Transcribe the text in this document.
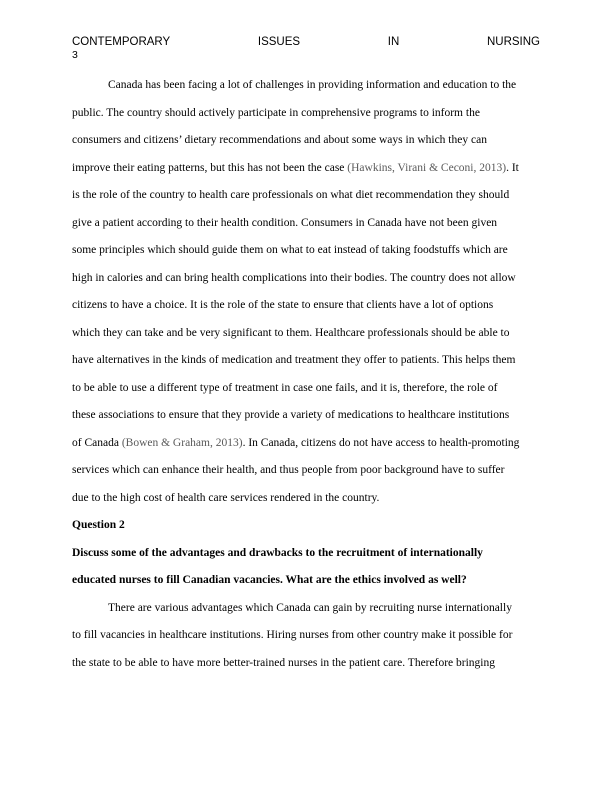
CONTEMPORARY	ISSUES	IN	NURSING
3
Canada has been facing a lot of challenges in providing information and education to the
public. The country should actively participate in comprehensive programs to inform the
consumers and citizens’ dietary recommendations and about some ways in which they can
improve their eating patterns, but this has not been the case (Hawkins, Virani & Ceconi, 2013). It
is the role of the country to health care professionals on what diet recommendation they should
give a patient according to their health condition. Consumers in Canada have not been given
some principles which should guide them on what to eat instead of taking foodstuffs which are
high in calories and can bring health complications into their bodies. The country does not allow
citizens to have a choice. It is the role of the state to ensure that clients have a lot of options
which they can take and be very significant to them. Healthcare professionals should be able to
have alternatives in the kinds of medication and treatment they offer to patients. This helps them
to be able to use a different type of treatment in case one fails, and it is, therefore, the role of
these associations to ensure that they provide a variety of medications to healthcare institutions
of Canada (Bowen & Graham, 2013). In Canada, citizens do not have access to health-promoting
services which can enhance their health, and thus people from poor background have to suffer
due to the high cost of health care services rendered in the country.
Question 2
Discuss some of the advantages and drawbacks to the recruitment of internationally
educated nurses to fill Canadian vacancies. What are the ethics involved as well?
There are various advantages which Canada can gain by recruiting nurse internationally
to fill vacancies in healthcare institutions. Hiring nurses from other country make it possible for
the state to be able to have more better-trained nurses in the patient care. Therefore bringing
